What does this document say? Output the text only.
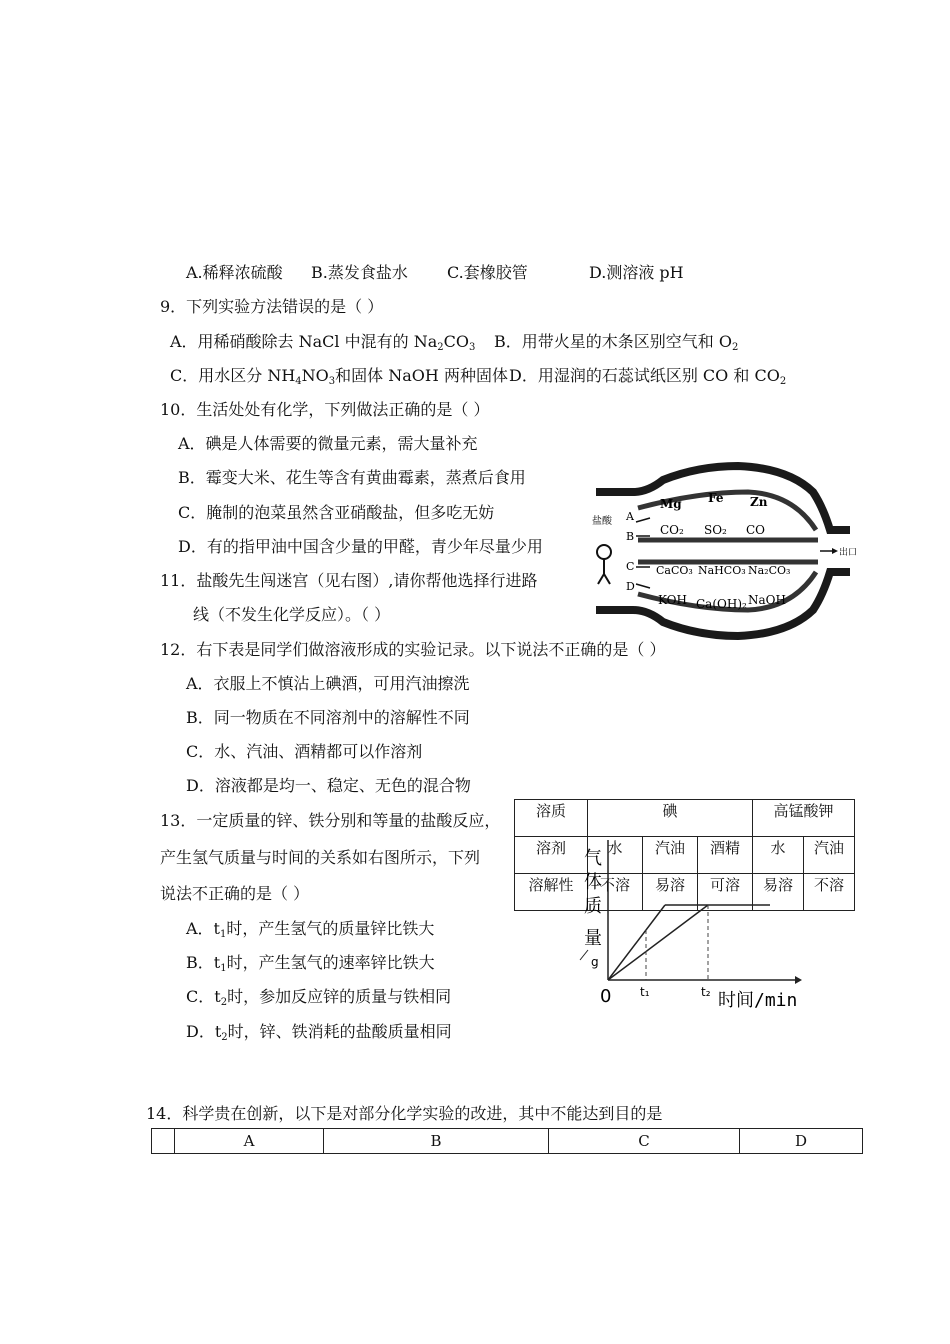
A.稀释浓硫酸 B.蒸发食盐水 C.套橡胶管	D.测溶液 pH
9．下列实验方法错误的是（ ）
A．用稀硝酸除去 NaCl 中混有的 $Na_2CO_3$ B．用带火星的木条区别空气和 $O_2$
C．用水区分 $NH_4NO_3$和固体 NaOH 两种固体 D．用湿润的石蕊试纸区别 CO 和 $CO_2$
10．生活处处有化学，下列做法正确的是（ ）
A．碘是人体需要的微量元素，需大量补充
B．霉变大米、花生等含有黄曲霉素，蒸煮后食用
C．腌制的泡菜虽然含亚硝酸盐，但多吃无妨
D．有的指甲油中国含少量的甲醛，青少年尽量少用
11．盐酸先生闯迷宫（见右图）,请你帮他选择行进路
线（不发生化学反应）。（ ）
盐酸
出口
A
B
C
D
Mg Fe Zn
CO₂ SO₂ CO
CaCO₃ NaHCO₃ Na₂CO₃
KOH Ca(OH)₂ NaOH
12．右下表是同学们做溶液形成的实验记录。以下说法不正确的是（ ）
A．衣服上不慎沾上碘酒，可用汽油擦洗
B．同一物质在不同溶剂中的溶解性不同
C．水、汽油、酒精都可以作溶剂
D．溶液都是均一、稳定、无色的混合物
溶质	碘			高锰酸钾	
溶剂	水	汽油	酒精	水	汽油
溶解性	不溶	易溶	可溶	易溶	不溶
13．一定质量的锌、铁分别和等量的盐酸反应，
产生氢气质量与时间的关系如右图所示，下列
说法不正确的是（ ）
A．$t_1$时，产生氢气的质量锌比铁大
B．$t_1$时，产生氢气的速率锌比铁大
C．$t_2$时，参加反应锌的质量与铁相同
D．$t_2$时，锌、铁消耗的盐酸质量相同
气
体
质
量
g
0 t₁	t₂ 时间/min
14．科学贵在创新，以下是对部分化学实验的改进，其中不能达到目的是
	A	B	C	D
